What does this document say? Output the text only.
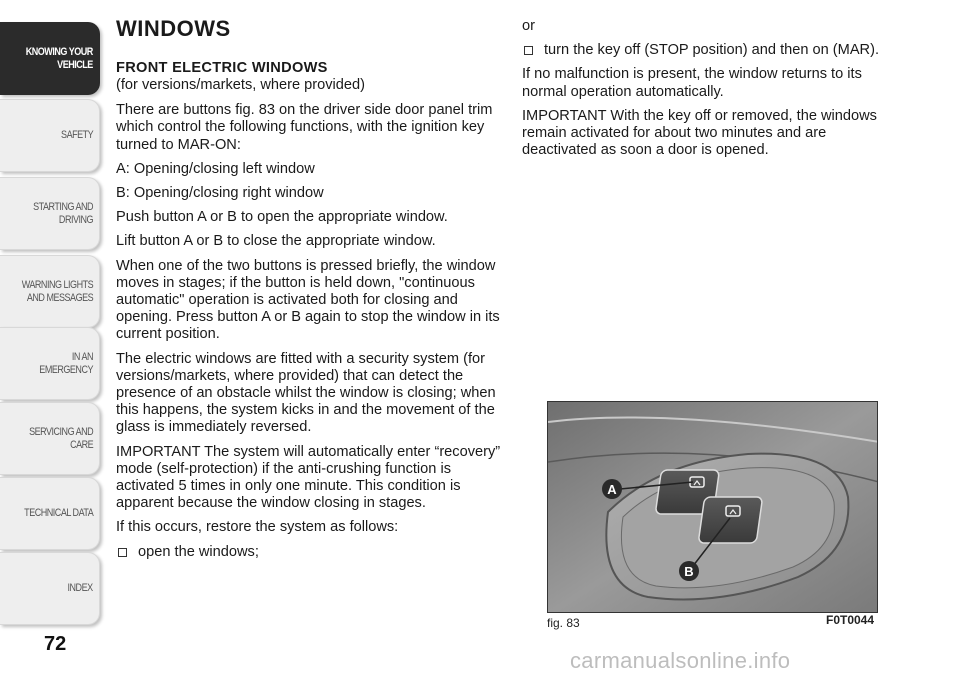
KNOWING YOUR
VEHICLE
SAFETY
STARTING AND
DRIVING
WARNING LIGHTS
AND MESSAGES
IN AN EMERGENCY
SERVICING AND
CARE
TECHNICAL DATA
INDEX
72
WINDOWS
FRONT ELECTRIC WINDOWS

(for versions/markets, where provided)

There are buttons fig. 83 on the driver side door panel trim which control the following functions, with the ignition key turned to MAR-ON:

A: Opening/closing left window

B: Opening/closing right window

Push button A or B to open the appropriate window.

Lift button A or B to close the appropriate window.

When one of the two buttons is pressed briefly, the window moves in stages; if the button is held down, "continuous automatic" operation is activated both for closing and opening. Press button A or B again to stop the window in its current position.

The electric windows are fitted with a security system (for versions/markets, where provided) that can detect the presence of an obstacle whilst the window is closing; when this happens, the system kicks in and the movement of the glass is immediately reversed.

IMPORTANT The system will automatically enter “recovery” mode (self-protection) if the anti-crushing function is activated 5 times in only one minute. This condition is apparent because the window closing in stages.

If this occurs, restore the system as follows:

open the windows;

or

turn the key off (STOP position) and then on (MAR).

If no malfunction is present, the window returns to its normal operation automatically.

IMPORTANT With the key off or removed, the windows remain activated for about two minutes and are deactivated as soon a door is opened.

A
B
fig. 83	F0T0044
carmanualsonline.info
